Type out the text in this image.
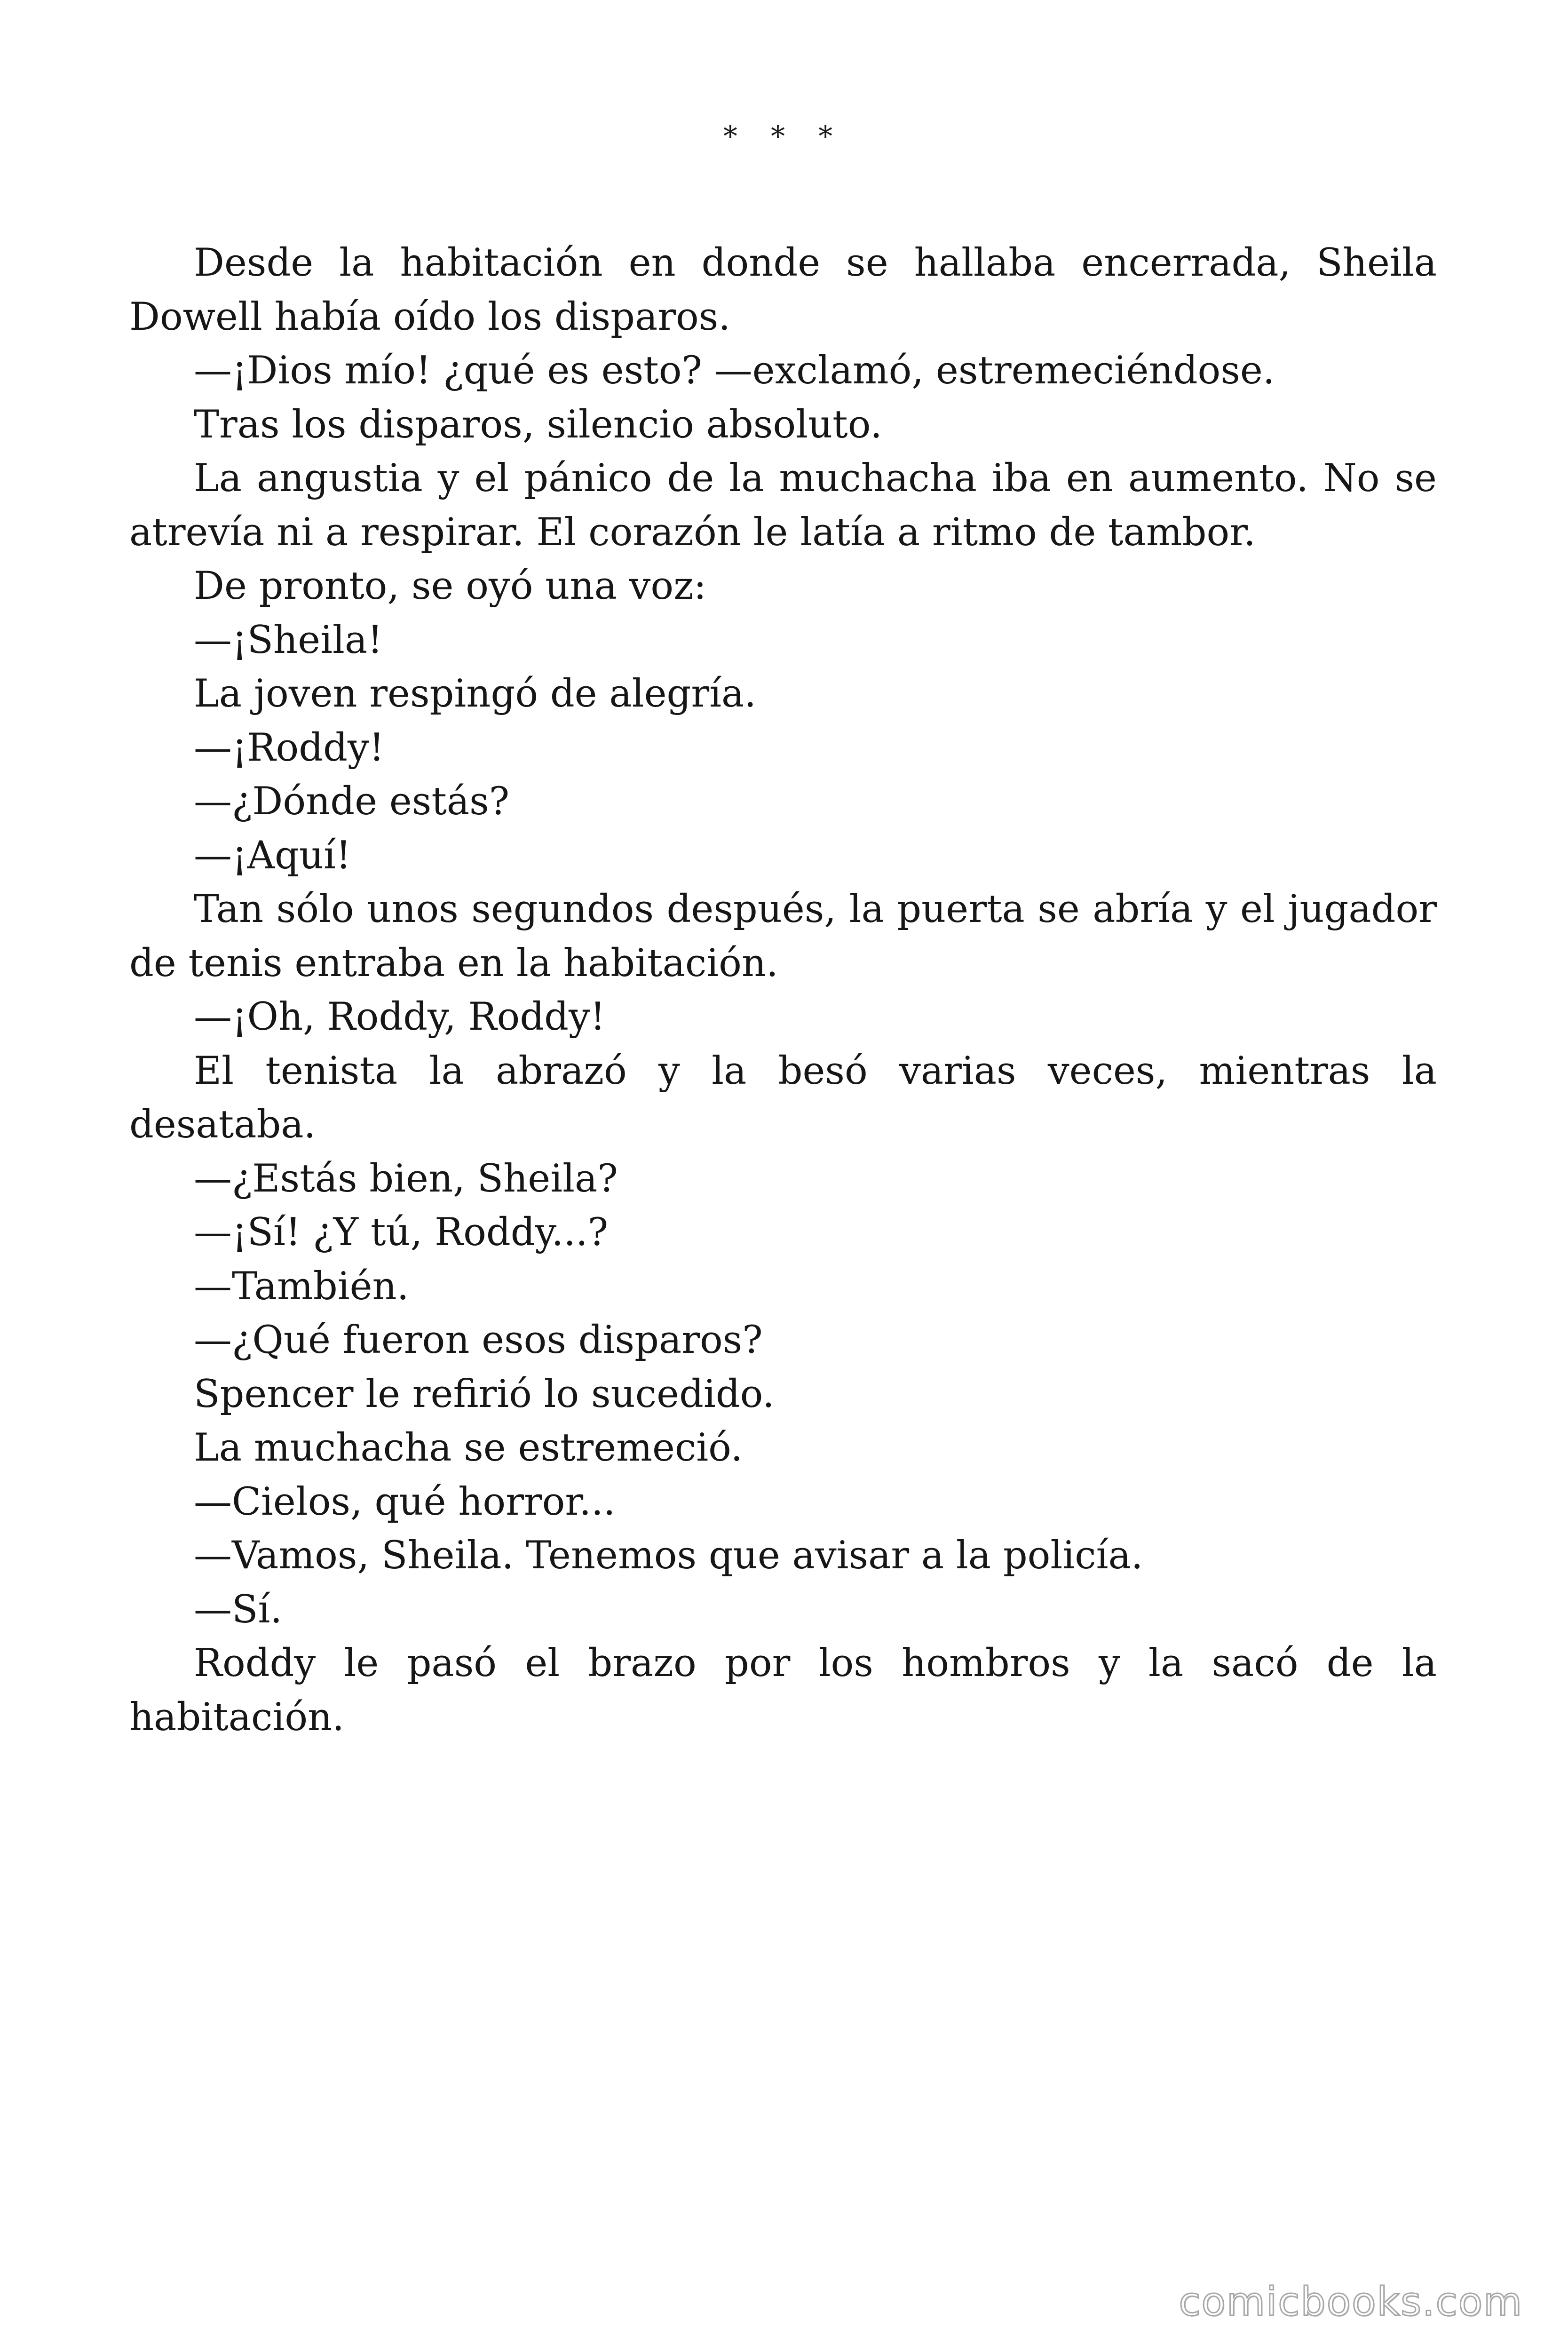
* * *

Desde la habitación en donde se hallaba encerrada, Sheila Dowell había oído los disparos.

—¡Dios mío! ¿qué es esto? —exclamó, estremeciéndose.

Tras los disparos, silencio absoluto.

La angustia y el pánico de la muchacha iba en aumento. No se atrevía ni a respirar. El corazón le latía a ritmo de tambor.

De pronto, se oyó una voz:

—¡Sheila!

La joven respingó de alegría.

—¡Roddy!

—¿Dónde estás?

—¡Aquí!

Tan sólo unos segundos después, la puerta se abría y el jugador de tenis entraba en la habitación.

—¡Oh, Roddy, Roddy!

El tenista la abrazó y la besó varias veces, mientras la desataba.

—¿Estás bien, Sheila?

—¡Sí! ¿Y tú, Roddy...?

—También.

—¿Qué fueron esos disparos?

Spencer le refirió lo sucedido.

La muchacha se estremeció.

—Cielos, qué horror...

—Vamos, Sheila. Tenemos que avisar a la policía.

—Sí.

Roddy le pasó el brazo por los hombros y la sacó de la habitación.

comicbooks.com
